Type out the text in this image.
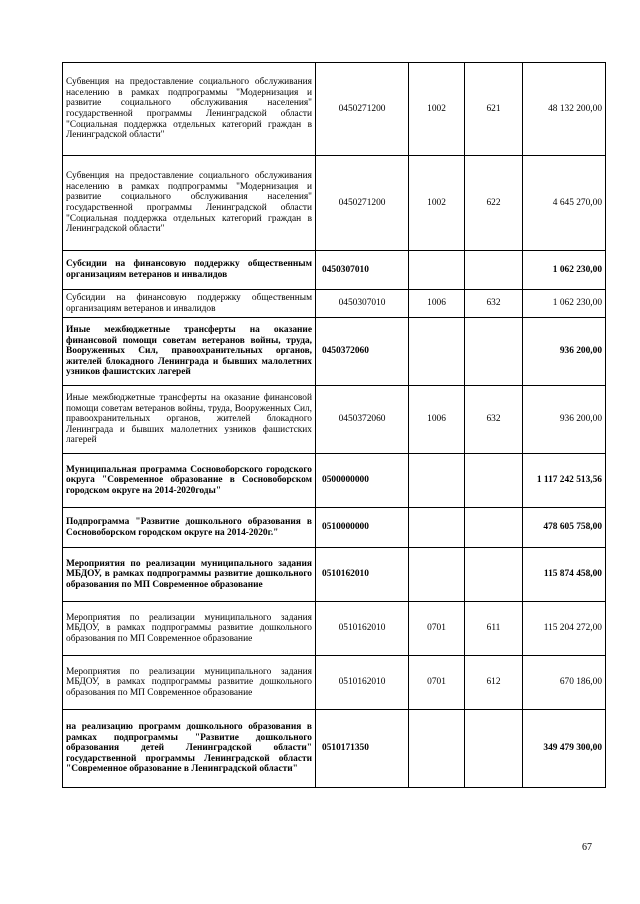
Субвенция на предоставление социального обслуживания населению в рамках подпрограммы "Модернизация и развитие социального обслуживания населения" государственной программы Ленинградской области "Социальная поддержка отдельных категорий граждан в Ленинградской области"	0450271200	1002	621	48 132 200,00
Субвенция на предоставление социального обслуживания населению в рамках подпрограммы "Модернизация и развитие социального обслуживания населения" государственной программы Ленинградской области "Социальная поддержка отдельных категорий граждан в Ленинградской области"	0450271200	1002	622	4 645 270,00
Субсидии на финансовую поддержку общественным организациям ветеранов и инвалидов	0450307010			1 062 230,00
Субсидии на финансовую поддержку общественным организациям ветеранов и инвалидов	0450307010	1006	632	1 062 230,00
Иные межбюджетные трансферты на оказание финансовой помощи советам ветеранов войны, труда, Вооруженных Сил, правоохранительных органов, жителей блокадного Ленинграда и бывших малолетних узников фашистских лагерей	0450372060			936 200,00
Иные межбюджетные трансферты на оказание финансовой помощи советам ветеранов войны, труда, Вооруженных Сил, правоохранительных органов, жителей блокадного Ленинграда и бывших малолетних узников фашистских лагерей	0450372060	1006	632	936 200,00
Муниципальная программа Сосновоборского городского округа "Современное образование в Сосновоборском городском округе на 2014-2020годы"	0500000000			1 117 242 513,56
Подпрограмма "Развитие дошкольного образования в Сосновоборском городском округе на 2014-2020г."	0510000000			478 605 758,00
Мероприятия по реализации муниципального задания МБДОУ, в рамках подпрограммы развитие дошкольного образования по МП Современное образование	0510162010			115 874 458,00
Мероприятия по реализации муниципального задания МБДОУ, в рамках подпрограммы развитие дошкольного образования по МП Современное образование	0510162010	0701	611	115 204 272,00
Мероприятия по реализации муниципального задания МБДОУ, в рамках подпрограммы развитие дошкольного образования по МП Современное образование	0510162010	0701	612	670 186,00
на реализацию программ дошкольного образования в рамках подпрограммы "Развитие дошкольного образования детей Ленинградской области" государственной программы Ленинградской области "Современное образование в Ленинградской области"	0510171350			349 479 300,00
67
